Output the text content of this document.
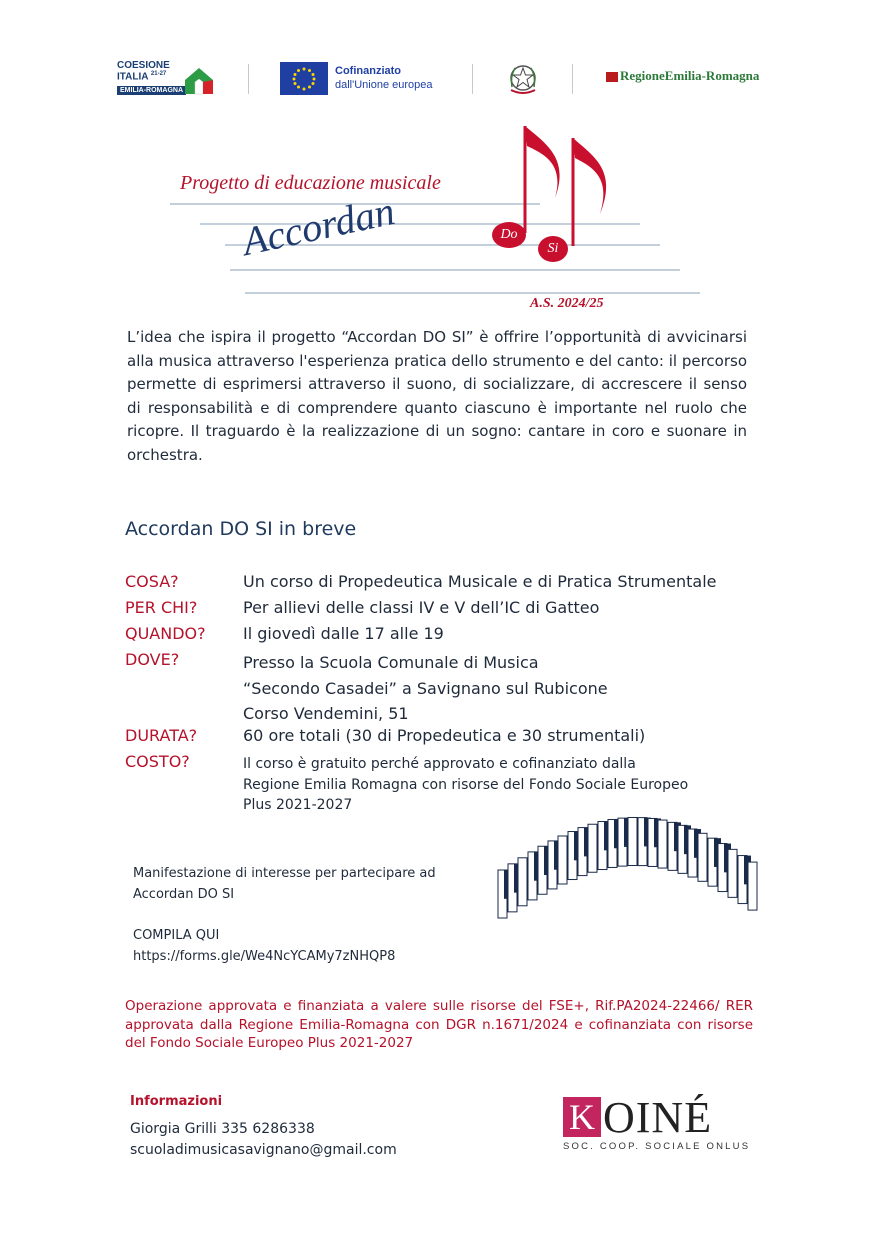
COESIONE
ITALIA $^{21-27}$
EMILIA-ROMAGNA
Cofinanziato
dall'Unione europea
RegioneEmilia-Romagna
Progetto di educazione musicale
Accordan	Do
Si
A.S. 2024/25

L’idea che ispira il progetto “Accordan DO SI” è offrire l’opportunità di avvicinarsi alla musica attraverso l'esperienza pratica dello strumento e del canto: il percorso permette di esprimersi attraverso il suono, di socializzare, di accrescere il senso di responsabilità e di comprendere quanto ciascuno è importante nel ruolo che ricopre. Il traguardo è la realizzazione di un sogno: cantare in coro e suonare in orchestra.

Accordan DO SI in breve
COSA?	Un corso di Propedeutica Musicale e di Pratica Strumentale
PER CHI?	Per allievi delle classi IV e V dell’IC di Gatteo
QUANDO? Il giovedì dalle 17 alle 19
DOVE?	Presso la Scuola Comunale di Musica
“Secondo Casadei” a Savignano sul Rubicone
Corso Vendemini, 51
DURATA?	60 ore totali (30 di Propedeutica e 30 strumentali)
COSTO?	Il corso è gratuito perché approvato e cofinanziato dalla
Regione Emilia Romagna con risorse del Fondo Sociale Europeo
Plus 2021-2027
Manifestazione di interesse per partecipare ad
Accordan DO SI
COMPILA QUI
https://forms.gle/We4NcYCAMy7zNHQP8
Operazione approvata e finanziata a valere sulle risorse del FSE+, Rif.PA2024-22466/ RER approvata dalla Regione Emilia-Romagna con DGR n.1671/2024 e cofinanziata con risorse del Fondo Sociale Europeo Plus 2021-2027
Informazioni
Giorgia Grilli 335 6286338
scuoladimusicasavignano@gmail.com
K OINÉ
SOC. COOP. SOCIALE ONLUS
